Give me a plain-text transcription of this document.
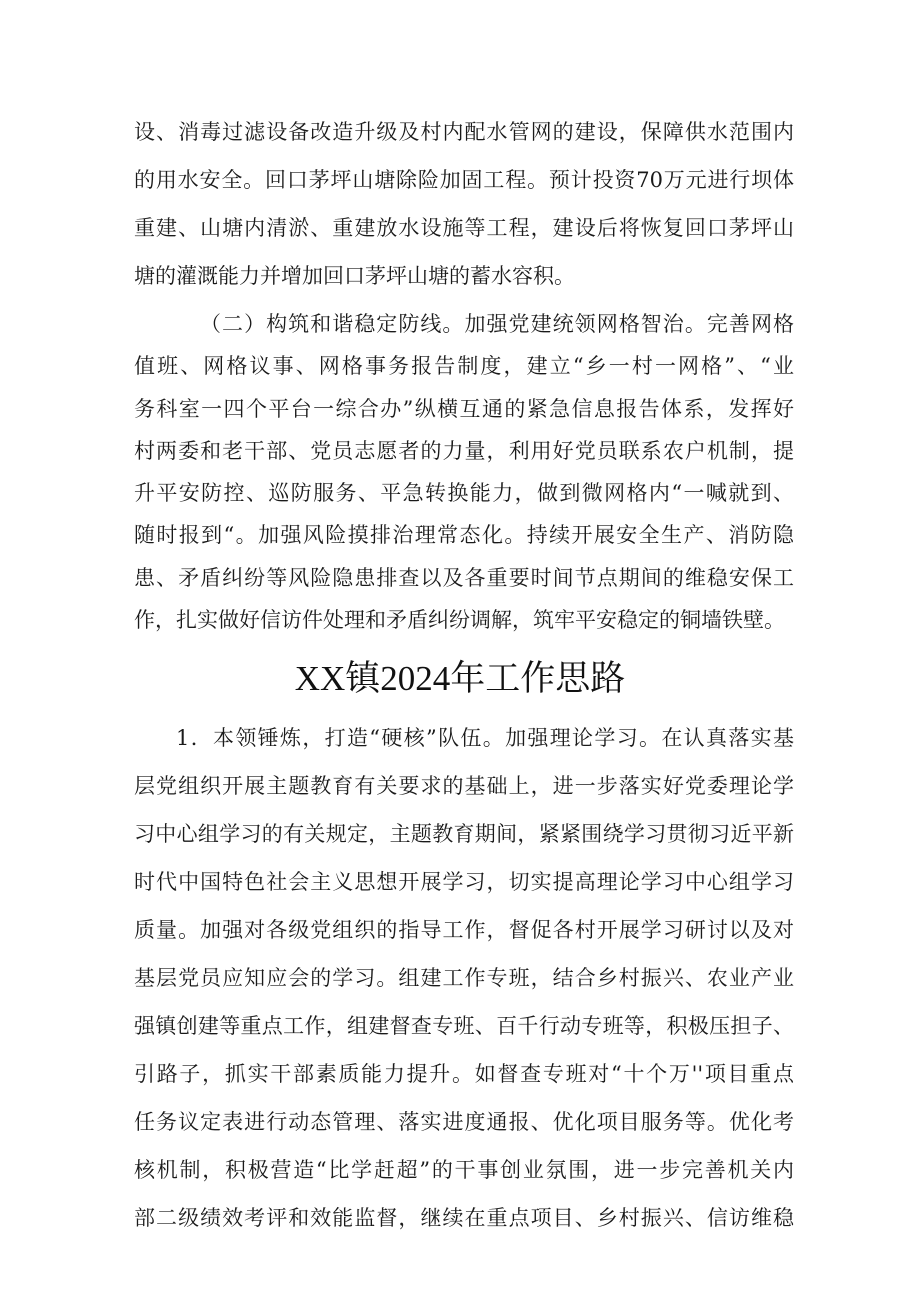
设、消毒过滤设备改造升级及村内配水管网的建设，保障供水范围内
的用水安全。回口茅坪山塘除险加固工程。预计投资70万元进行坝体
重建、山塘内清淤、重建放水设施等工程，建设后将恢复回口茅坪山
塘的灌溉能力并增加回口茅坪山塘的蓄水容积。
（二）构筑和谐稳定防线。加强党建统领网格智治。完善网格
值班、网格议事、网格事务报告制度，建立“乡一村一网格”、“业
务科室一四个平台一综合办”纵横互通的紧急信息报告体系，发挥好
村两委和老干部、党员志愿者的力量，利用好党员联系农户机制，提
升平安防控、巡防服务、平急转换能力，做到微网格内“一喊就到、
随时报到“。加强风险摸排治理常态化。持续开展安全生产、消防隐
患、矛盾纠纷等风险隐患排查以及各重要时间节点期间的维稳安保工
XX镇2024年工作思路
1．本领锤炼，打造“硬核”队伍。加强理论学习。在认真落实基
层党组织开展主题教育有关要求的基础上，进一步落实好党委理论学
习中心组学习的有关规定，主题教育期间，紧紧围绕学习贯彻习近平新
时代中国特色社会主义思想开展学习，切实提高理论学习中心组学习
质量。加强对各级党组织的指导工作，督促各村开展学习研讨以及对
基层党员应知应会的学习。组建工作专班，结合乡村振兴、农业产业
强镇创建等重点工作，组建督查专班、百千行动专班等，积极压担子、
引路子，抓实干部素质能力提升。如督查专班对“十个万''项目重点
任务议定表进行动态管理、落实进度通报、优化项目服务等。优化考
核机制，积极营造“比学赶超”的干事创业氛围，进一步完善机关内
部二级绩效考评和效能监督，继续在重点项目、乡村振兴、信访维稳
作，扎实做好信访件处理和矛盾纠纷调解，筑牢平安稳定的铜墙铁壁。
